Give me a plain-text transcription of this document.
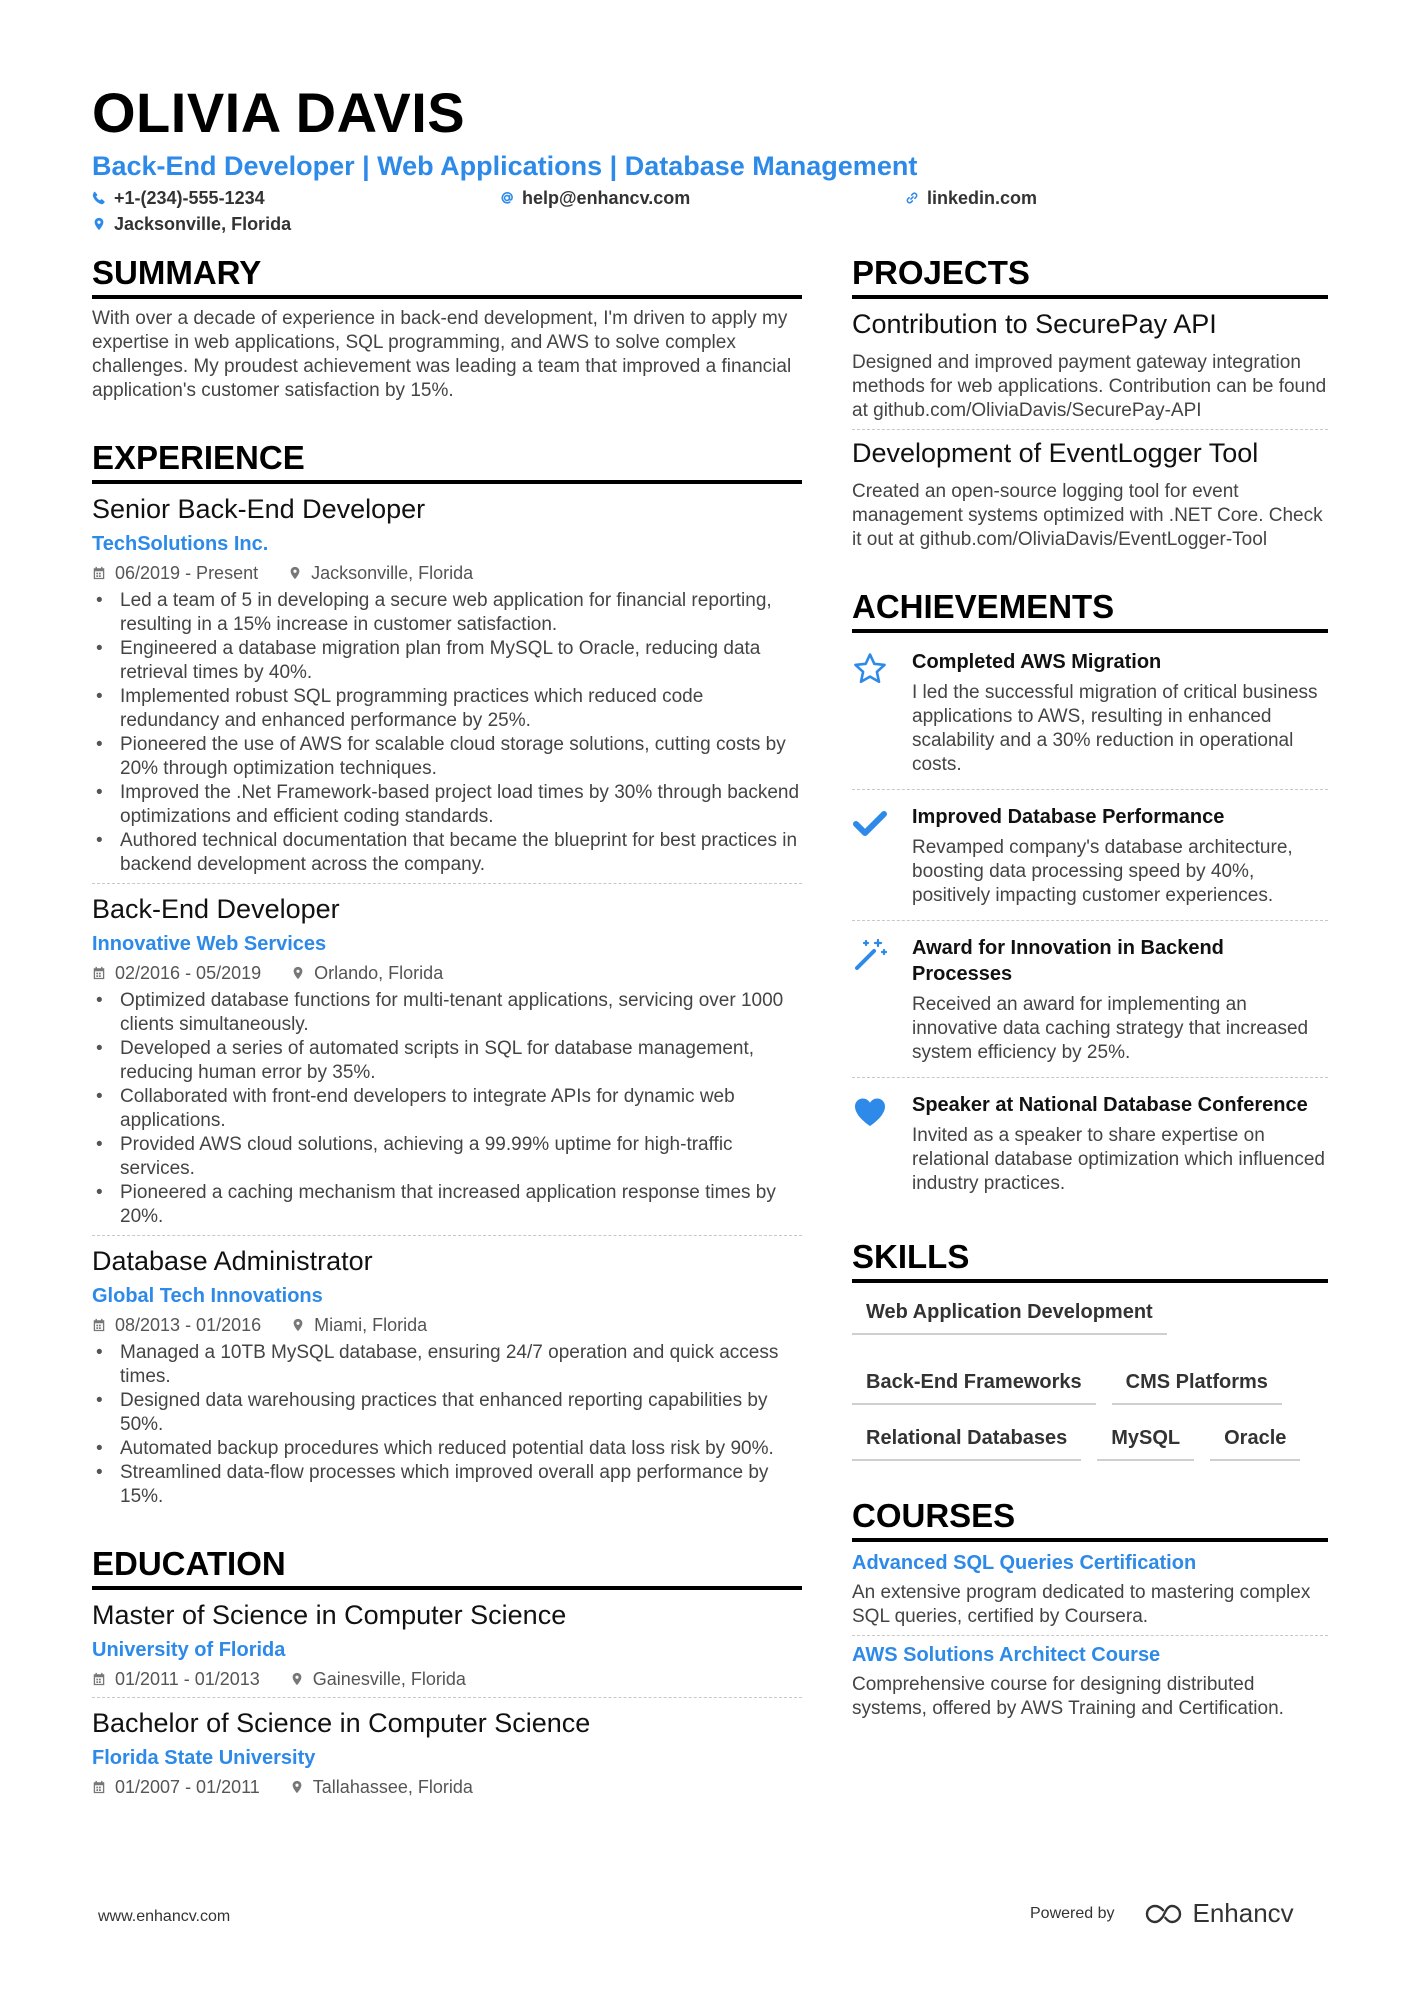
OLIVIA DAVIS
Back-End Developer | Web Applications | Database Management
+1-(234)-555-1234	help@enhancv.com	linkedin.com
Jacksonville, Florida
SUMMARY
With over a decade of experience in back-end development, I'm driven to apply my expertise in web applications, SQL programming, and AWS to solve complex challenges. My proudest achievement was leading a team that improved a financial application's customer satisfaction by 15%.
EXPERIENCE
Senior Back-End Developer
TechSolutions Inc.
06/2019 - Present	Jacksonville, Florida
• Led a team of 5 in developing a secure web application for financial reporting, resulting in a 15% increase in customer satisfaction.
• Engineered a database migration plan from MySQL to Oracle, reducing data retrieval times by 40%.
• Implemented robust SQL programming practices which reduced code redundancy and enhanced performance by 25%.
• Pioneered the use of AWS for scalable cloud storage solutions, cutting costs by 20% through optimization techniques.
• Improved the .Net Framework-based project load times by 30% through backend optimizations and efficient coding standards.
• Authored technical documentation that became the blueprint for best practices in backend development across the company.
Back-End Developer
Innovative Web Services
02/2016 - 05/2019	Orlando, Florida
• Optimized database functions for multi-tenant applications, servicing over 1000 clients simultaneously.
• Developed a series of automated scripts in SQL for database management, reducing human error by 35%.
• Collaborated with front-end developers to integrate APIs for dynamic web applications.
• Provided AWS cloud solutions, achieving a 99.99% uptime for high-traffic services.
• Pioneered a caching mechanism that increased application response times by 20%.
Database Administrator
Global Tech Innovations
08/2013 - 01/2016	Miami, Florida
• Managed a 10TB MySQL database, ensuring 24/7 operation and quick access times.
• Designed data warehousing practices that enhanced reporting capabilities by 50%.
• Automated backup procedures which reduced potential data loss risk by 90%.
• Streamlined data-flow processes which improved overall app performance by 15%.
EDUCATION
Master of Science in Computer Science
University of Florida
01/2011 - 01/2013	Gainesville, Florida
Bachelor of Science in Computer Science
Florida State University
01/2007 - 01/2011	Tallahassee, Florida
PROJECTS
Contribution to SecurePay API
Designed and improved payment gateway integration methods for web applications. Contribution can be found at github.com/OliviaDavis/SecurePay-API
Development of EventLogger Tool
Created an open-source logging tool for event management systems optimized with .NET Core. Check it out at github.com/OliviaDavis/EventLogger-Tool
ACHIEVEMENTS
Completed AWS Migration
I led the successful migration of critical business applications to AWS, resulting in enhanced scalability and a 30% reduction in operational costs.
Improved Database Performance
Revamped company's database architecture, boosting data processing speed by 40%, positively impacting customer experiences.
Award for Innovation in Backend Processes
Received an award for implementing an innovative data caching strategy that increased system efficiency by 25%.
Speaker at National Database Conference
Invited as a speaker to share expertise on relational database optimization which influenced industry practices.
SKILLS
Web Application Development
Back-End Frameworks	CMS Platforms
Relational Databases	MySQL	Oracle
COURSES
Advanced SQL Queries Certification
An extensive program dedicated to mastering complex SQL queries, certified by Coursera.
AWS Solutions Architect Course
Comprehensive course for designing distributed systems, offered by AWS Training and Certification.
www.enhancv.com	Powered by	Enhancv
